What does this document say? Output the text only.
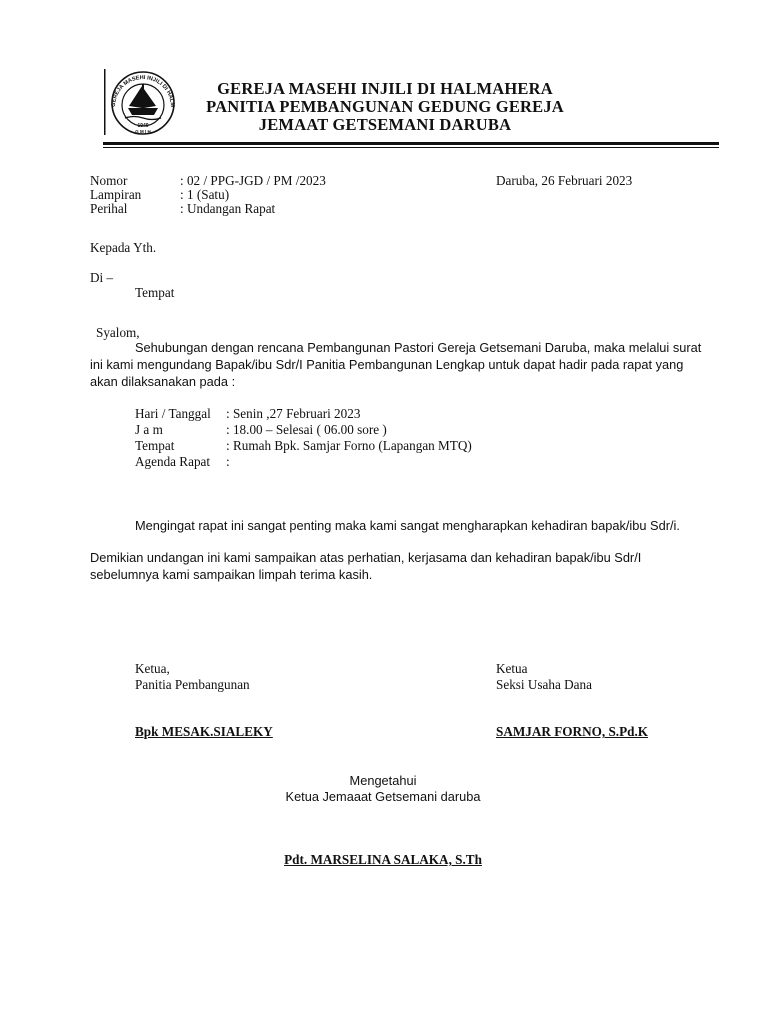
GEREJA MASEHI INJILI DI HALM
1949
G M I H
GEREJA MASEHI INJILI DI HALMAHERA
PANITIA PEMBANGUNAN GEDUNG GEREJA
JEMAAT GETSEMANI DARUBA
Nomor	: 02 / PPG-JGD / PM /2023	Daruba, 26 Februari 2023
Lampiran	: 1 (Satu)
Perihal	: Undangan Rapat
Kepada Yth.
Di –
Tempat
Syalom,
Sehubungan dengan rencana Pembangunan Pastori Gereja Getsemani Daruba, maka melalui surat
ini kami mengundang Bapak/ibu Sdr/I Panitia Pembangunan Lengkap untuk dapat hadir pada rapat yang
akan dilaksanakan pada :
Hari / Tanggal : Senin ,27 Februari 2023
J a m	: 18.00 – Selesai ( 06.00 sore )
Tempat	: Rumah Bpk. Samjar Forno (Lapangan MTQ)
Agenda Rapat :
Mengingat rapat ini sangat penting maka kami sangat mengharapkan kehadiran bapak/ibu Sdr/i.
Demikian undangan ini kami sampaikan atas perhatian, kerjasama dan kehadiran bapak/ibu Sdr/I
sebelumnya kami sampaikan limpah terima kasih.
Ketua,
Panitia Pembangunan
Bpk MESAK.SIALEKY
Ketua
Seksi Usaha Dana
SAMJAR FORNO, S.Pd.K
Mengetahui
Ketua Jemaaat Getsemani daruba
Pdt. MARSELINA SALAKA, S.Th
